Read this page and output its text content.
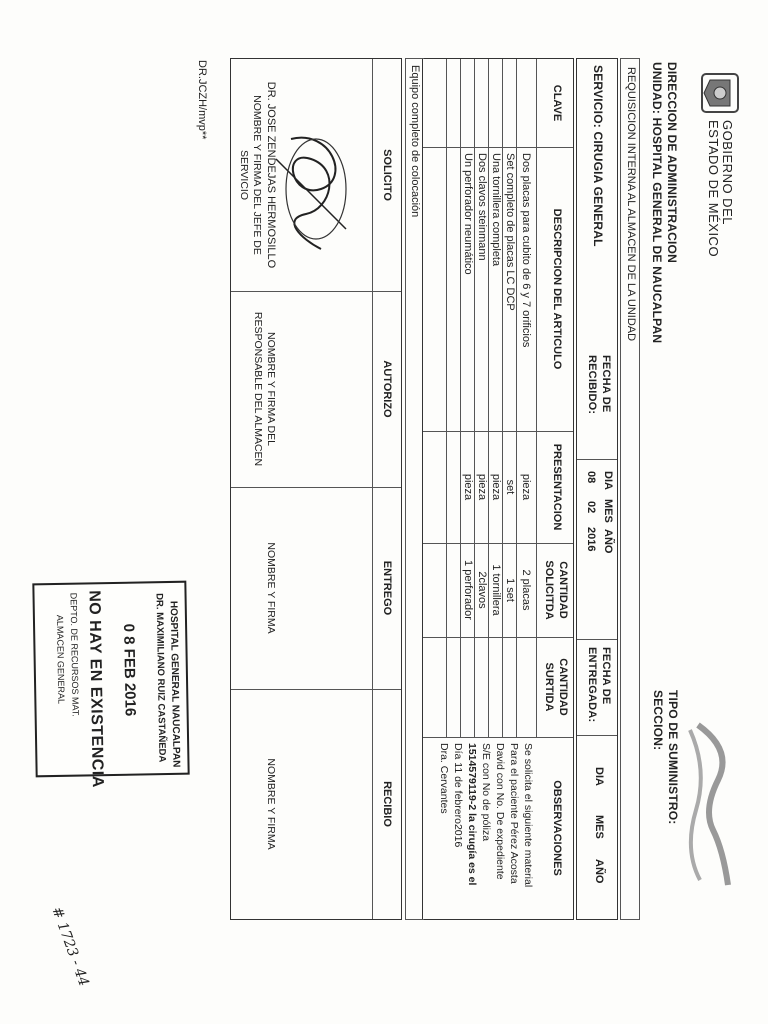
GOBIERNO DEL
ESTADO DE MÉXICO
DIRECCION DE ADMINISTRACION
UNIDAD: HOSPITAL GENERAL DE NAUCALPAN
TIPO DE SUMINISTRO:
SECCION:
REQUISICION INTERNA AL ALMACEN DE LA UNIDAD
SERVICIO: CIRUGIA GENERAL
FECHA DE RECIBIDO:
DIA
MES
AÑO
08
02
2016
FECHA DE ENTREGADA:
DIA
MES
AÑO
CLAVE
DESCRIPCION DEL ARTICULO
PRESENTACION
CANTIDAD SOLICITDA
CANTIDAD SURTIDA
OBSERVACIONES
Dos placas para cubito de 6 y 7 orificios
pieza
2 placas
Set completo de placas LC DCP
set
1 set
Una tornillera completa
pieza
1 tornillera
Dos clavos steinmann
pieza
2clavos
Un perforador neumático
pieza
1 perforador
Se solicita el siguiente material
Para el paciente Pérez Acosta
David con No. De expediente
S/E con No de póliza
1514579119-2 la cirugía es el
Día 11 de febrero2016
Dra. Cervantes
Equipo completo de colocación
SOLICITO
AUTORIZO
ENTREGO
RECIBIO
DR. JOSE ZENDEJAS HERMOSILLO
NOMBRE Y FIRMA DEL JEFE DE
SERVICIO
NOMBRE Y FIRMA DEL
RESPONSABLE DEL ALMACEN
NOMBRE Y FIRMA
NOMBRE Y FIRMA
DR.JCZH/mvp**
HOSPITAL GENERAL NAUCALPAN
DR. MAXIMILIANO RUIZ CASTAÑEDA
0 8 FEB 2016
NO HAY EN EXISTENCIA
DEPTO. DE RECURSOS MAT.
ALMACEN GENERAL
# 1723 - 44
